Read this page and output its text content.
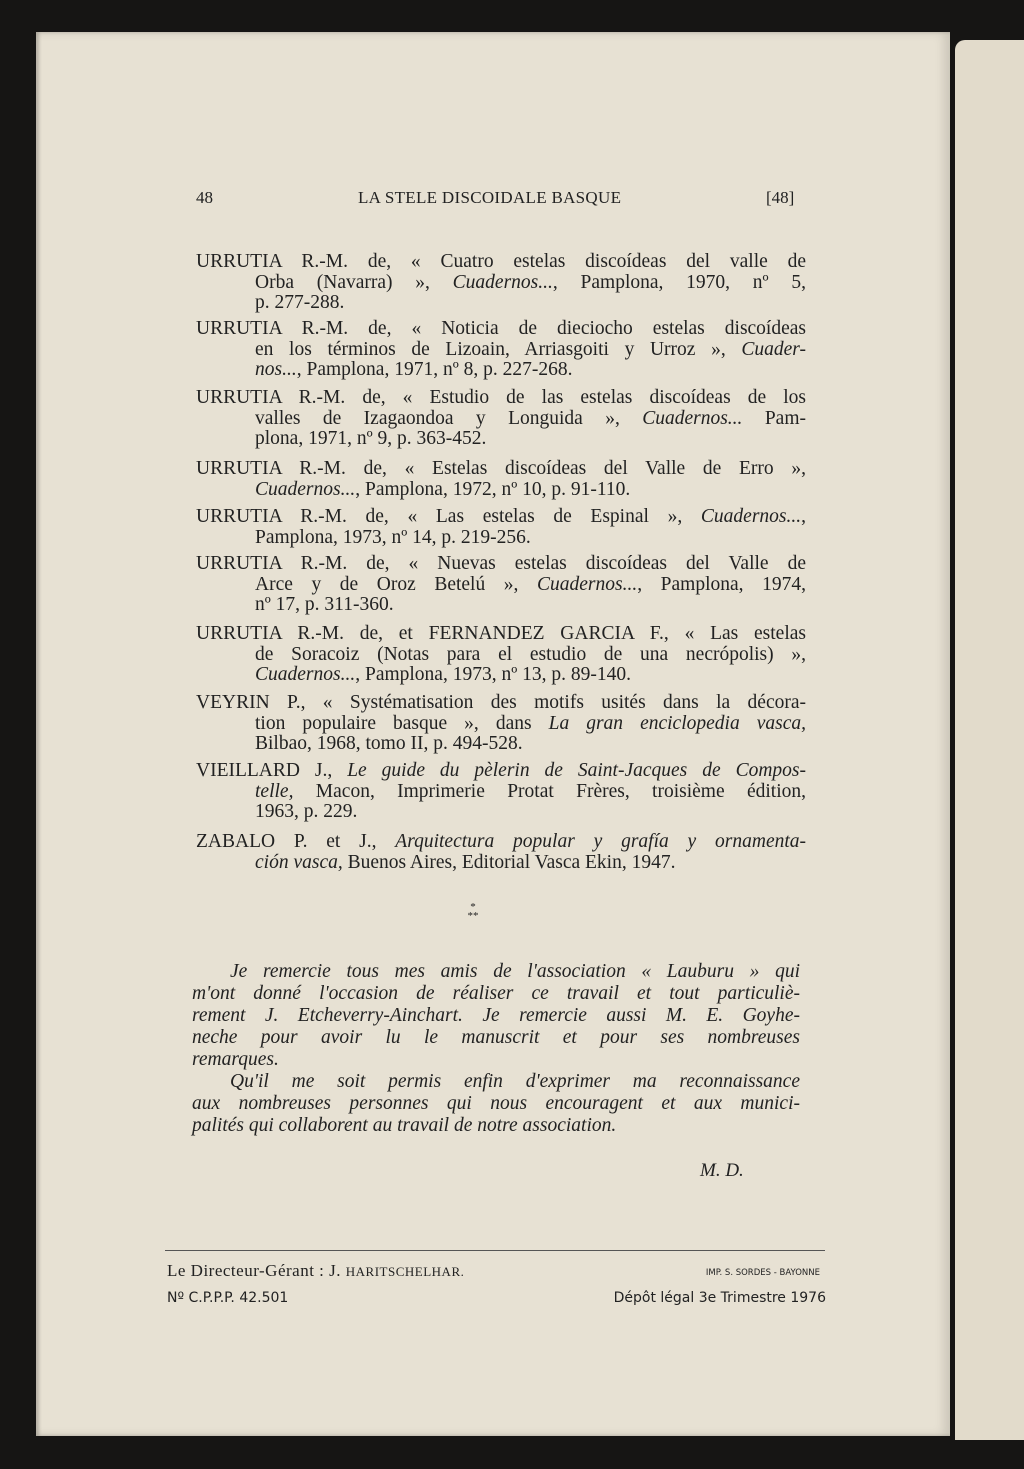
48	LA STELE DISCOIDALE BASQUE	[48]
URRUTIA R.-M. de, « Cuatro estelas discoídeas del valle de
Orba (Navarra) », Cuadernos..., Pamplona, 1970, nº 5,
p. 277-288.
URRUTIA R.-M. de, « Noticia de dieciocho estelas discoídeas
en los términos de Lizoain, Arriasgoiti y Urroz », Cuader-
nos..., Pamplona, 1971, nº 8, p. 227-268.
URRUTIA R.-M. de, « Estudio de las estelas discoídeas de los
valles de Izagaondoa y Longuida », Cuadernos... Pam-
plona, 1971, nº 9, p. 363-452.
URRUTIA R.-M. de, « Estelas discoídeas del Valle de Erro »,
Cuadernos..., Pamplona, 1972, nº 10, p. 91-110.
URRUTIA R.-M. de, « Las estelas de Espinal », Cuadernos...,
Pamplona, 1973, nº 14, p. 219-256.
URRUTIA R.-M. de, « Nuevas estelas discoídeas del Valle de
Arce y de Oroz Betelú », Cuadernos..., Pamplona, 1974,
nº 17, p. 311-360.
URRUTIA R.-M. de, et FERNANDEZ GARCIA F., « Las estelas
de Soracoiz (Notas para el estudio de una necrópolis) »,
Cuadernos..., Pamplona, 1973, nº 13, p. 89-140.
VEYRIN P., « Systématisation des motifs usités dans la décora-
tion populaire basque », dans La gran enciclopedia vasca,
Bilbao, 1968, tomo II, p. 494-528.
VIEILLARD J., Le guide du pèlerin de Saint-Jacques de Compos-
telle, Macon, Imprimerie Protat Frères, troisième édition,
1963, p. 229.
ZABALO P. et J., Arquitectura popular y grafía y ornamenta-
ción vasca, Buenos Aires, Editorial Vasca Ekin, 1947.
*
**
Je remercie tous mes amis de l'association « Lauburu » qui
m'ont donné l'occasion de réaliser ce travail et tout particuliè-
rement J. Etcheverry-Ainchart. Je remercie aussi M. E. Goyhe-
neche pour avoir lu le manuscrit et pour ses nombreuses
remarques.
Qu'il me soit permis enfin d'exprimer ma reconnaissance
aux nombreuses personnes qui nous encouragent et aux munici-
palités qui collaborent au travail de notre association.
M. D.
Le Directeur-Gérant : J. HARITSCHELHAR.	IMP. S. SORDES - BAYONNE
Nº C.P.P.P. 42.501	Dépôt légal 3e Trimestre 1976
